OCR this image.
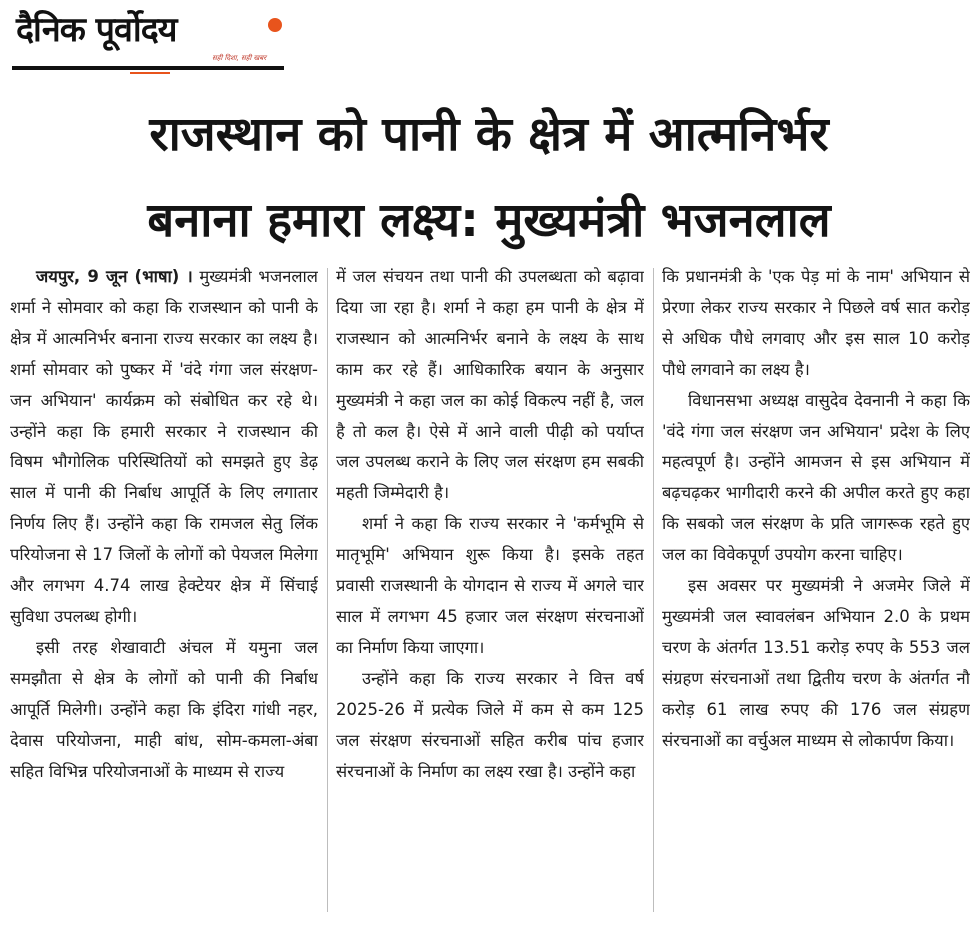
दैनिक पूर्वोदय
सही दिशा, सही खबर
राजस्थान को पानी के क्षेत्र में आत्मनिर्भर
बनाना हमारा लक्ष्य: मुख्यमंत्री भजनलाल

जयपुर, 9 जून (भाषा) । मुख्यमंत्री भजनलाल शर्मा ने सोमवार को कहा कि राजस्थान को पानी के क्षेत्र में आत्मनिर्भर बनाना राज्य सरकार का लक्ष्य है। शर्मा सोमवार को पुष्कर में 'वंदे गंगा जल संरक्षण-जन अभियान' कार्यक्रम को संबोधित कर रहे थे। उन्होंने कहा कि हमारी सरकार ने राजस्थान की विषम भौगोलिक परिस्थितियों को समझते हुए डेढ़ साल में पानी की निर्बाध आपूर्ति के लिए लगातार निर्णय लिए हैं। उन्होंने कहा कि रामजल सेतु लिंक परियोजना से 17 जिलों के लोगों को पेयजल मिलेगा और लगभग 4.74 लाख हेक्टेयर क्षेत्र में सिंचाई सुविधा उपलब्ध होगी।

इसी तरह शेखावाटी अंचल में यमुना जल समझौता से क्षेत्र के लोगों को पानी की निर्बाध आपूर्ति मिलेगी। उन्होंने कहा कि इंदिरा गांधी नहर, देवास परियोजना, माही बांध, सोम-कमला-अंबा सहित विभिन्न परियोजनाओं के माध्यम से राज्य

में जल संचयन तथा पानी की उपलब्धता को बढ़ावा दिया जा रहा है। शर्मा ने कहा हम पानी के क्षेत्र में राजस्थान को आत्मनिर्भर बनाने के लक्ष्य के साथ काम कर रहे हैं। आधिकारिक बयान के अनुसार मुख्यमंत्री ने कहा जल का कोई विकल्प नहीं है, जल है तो कल है। ऐसे में आने वाली पीढ़ी को पर्याप्त जल उपलब्ध कराने के लिए जल संरक्षण हम सबकी महती जिम्मेदारी है।

शर्मा ने कहा कि राज्य सरकार ने 'कर्मभूमि से मातृभूमि' अभियान शुरू किया है। इसके तहत प्रवासी राजस्थानी के योगदान से राज्य में अगले चार साल में लगभग 45 हजार जल संरक्षण संरचनाओं का निर्माण किया जाएगा।

उन्होंने कहा कि राज्य सरकार ने वित्त वर्ष 2025-26 में प्रत्येक जिले में कम से कम 125 जल संरक्षण संरचनाओं सहित करीब पांच हजार संरचनाओं के निर्माण का लक्ष्य रखा है। उन्होंने कहा

कि प्रधानमंत्री के 'एक पेड़ मां के नाम' अभियान से प्रेरणा लेकर राज्य सरकार ने पिछले वर्ष सात करोड़ से अधिक पौधे लगवाए और इस साल 10 करोड़ पौधे लगवाने का लक्ष्य है।

विधानसभा अध्यक्ष वासुदेव देवनानी ने कहा कि 'वंदे गंगा जल संरक्षण जन अभियान' प्रदेश के लिए महत्वपूर्ण है। उन्होंने आमजन से इस अभियान में बढ़चढ़कर भागीदारी करने की अपील करते हुए कहा कि सबको जल संरक्षण के प्रति जागरूक रहते हुए जल का विवेकपूर्ण उपयोग करना चाहिए।

इस अवसर पर मुख्यमंत्री ने अजमेर जिले में मुख्यमंत्री जल स्वावलंबन अभियान 2.0 के प्रथम चरण के अंतर्गत 13.51 करोड़ रुपए के 553 जल संग्रहण संरचनाओं तथा द्वितीय चरण के अंतर्गत नौ करोड़ 61 लाख रुपए की 176 जल संग्रहण संरचनाओं का वर्चुअल माध्यम से लोकार्पण किया।
